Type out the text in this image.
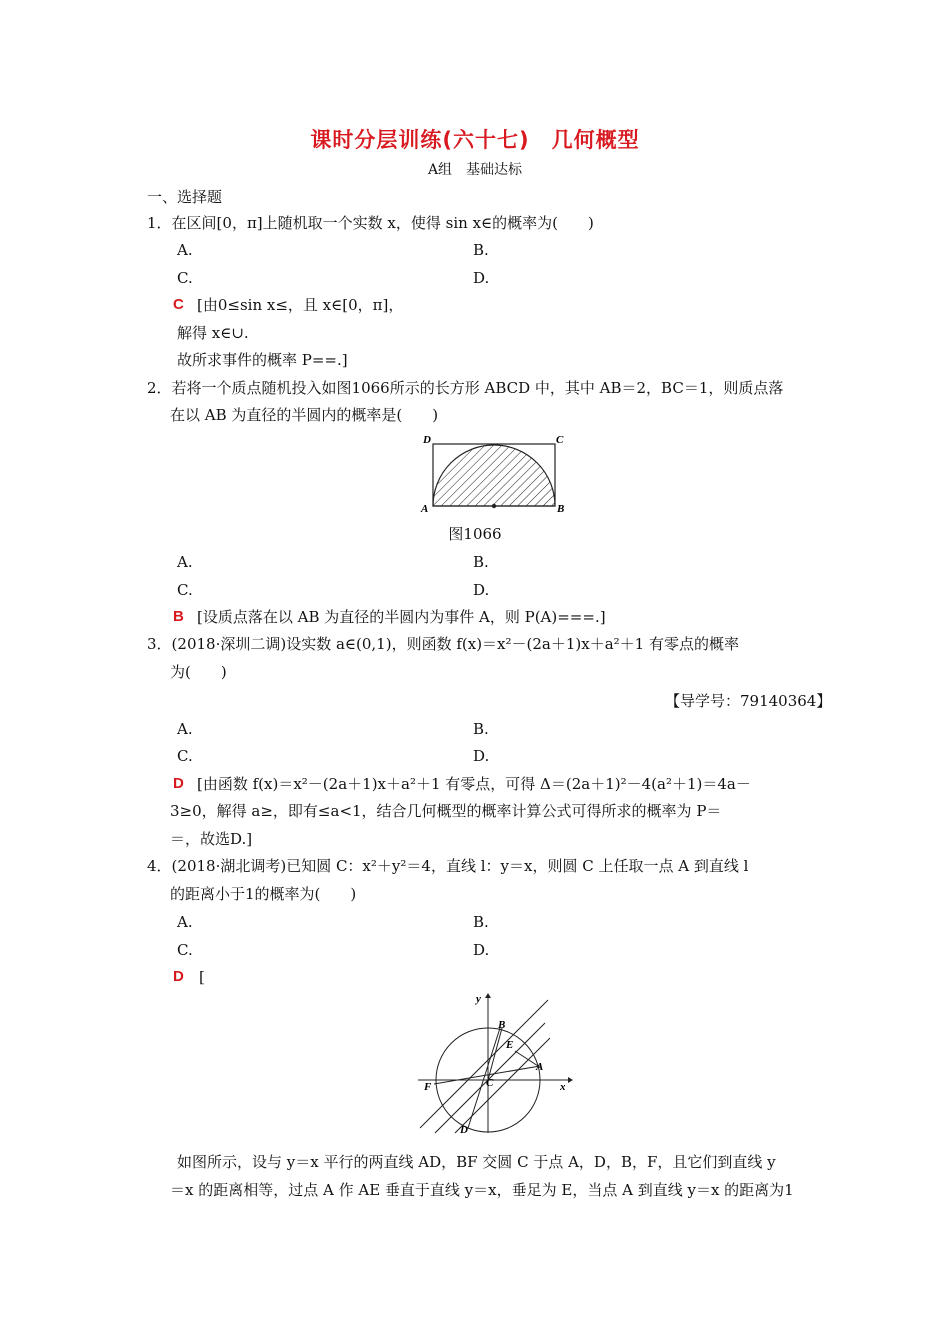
课时分层训练(六十七)　几何概型
A组　基础达标
一、选择题
1．在区间[0，π]上随机取一个实数 x，使得 sin x∈的概率为(　　)
A.	B.
C.	D.
C [由0≤sin x≤，且 x∈[0，π]，
解得 x∈∪.
故所求事件的概率 P==.]
2．若将一个质点随机投入如图1066所示的长方形 ABCD 中，其中 AB＝2，BC＝1，则质点落
在以 AB 为直径的半圆内的概率是(　　)
D	C
A	B
图1066
A.	B.
C.	D.
B [设质点落在以 AB 为直径的半圆内为事件 A，则 P(A)===.]
3．(2018·深圳二调)设实数 a∈(0,1)，则函数 f(x)＝x²－(2a＋1)x＋a²＋1 有零点的概率
为(　　)
【导学号：79140364】
A.	B.
C.	D.
D [由函数 f(x)＝x²－(2a＋1)x＋a²＋1 有零点，可得 Δ＝(2a＋1)²－4(a²＋1)＝4a－
3≥0，解得 a≥，即有≤a<1，结合几何概型的概率计算公式可得所求的概率为 P＝
＝，故选D.]
4．(2018·湖北调考)已知圆 C：x²＋y²＝4，直线 l：y＝x，则圆 C 上任取一点 A 到直线 l
的距离小于1的概率为(　　)
A.	B.
C.	D.
D [
y
x
B
E
A
F	C
D
如图所示，设与 y＝x 平行的两直线 AD，BF 交圆 C 于点 A，D，B，F，且它们到直线 y
＝x 的距离相等，过点 A 作 AE 垂直于直线 y＝x，垂足为 E，当点 A 到直线 y＝x 的距离为1
